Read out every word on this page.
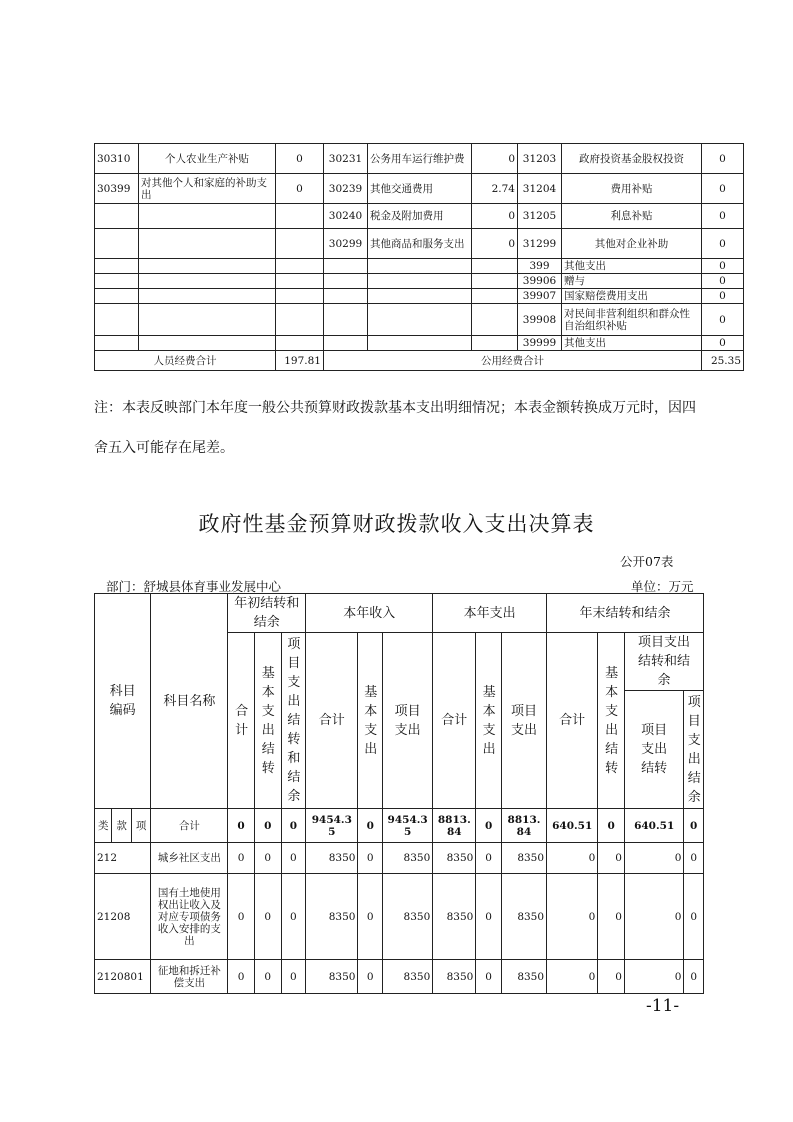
30310	个人农业生产补贴	0	30231	公务用车运行维护费	0	31203	政府投资基金股权投资	0
30399	对其他个人和家庭的补助支出	0	30239	其他交通费用	2.74	31204	费用补贴	0
			30240	税金及附加费用	0	31205	利息补贴	0
			30299	其他商品和服务支出	0	31299	其他对企业补助	0
						399	其他支出	0
						39906	赠与	0
						39907	国家赔偿费用支出	0
						39908	对民间非营利组织和群众性自治组织补贴	0
						39999	其他支出	0
人员经费合计		197.81	公用经费合计					25.35
注：本表反映部门本年度一般公共预算财政拨款基本支出明细情况；本表金额转换成万元时，因四
舍五入可能存在尾差。
政府性基金预算财政拨款收入支出决算表
公开07表
部门：舒城县体育事业发展中心	单位：万元
科目编码			科目名称	年初结转和结余			本年收入			本年支出			年末结转和结余			

				合计	基本支出结转	项目支出结转和结余	合计	基本支出	项目支出	合计	基本支出	项目支出	合计	基本支出结转	项目支出结转和结余	

															项目支出结转	项目支出结余

类	款	项	合计	0	0	0	9454.35	0	9454.35	8813.84	0	8813.84	640.51	0	640.51	0
212			城乡社区支出	0	0	0	8350	0	8350	8350	0	8350	0	0	0	0
21208			国有土地使用权出让收入及对应专项债务收入安排的支出	0	0	0	8350	0	8350	8350	0	8350	0	0	0	0
2120801			征地和拆迁补偿支出	0	0	0	8350	0	8350	8350	0	8350	0	0	0	0
-11-
